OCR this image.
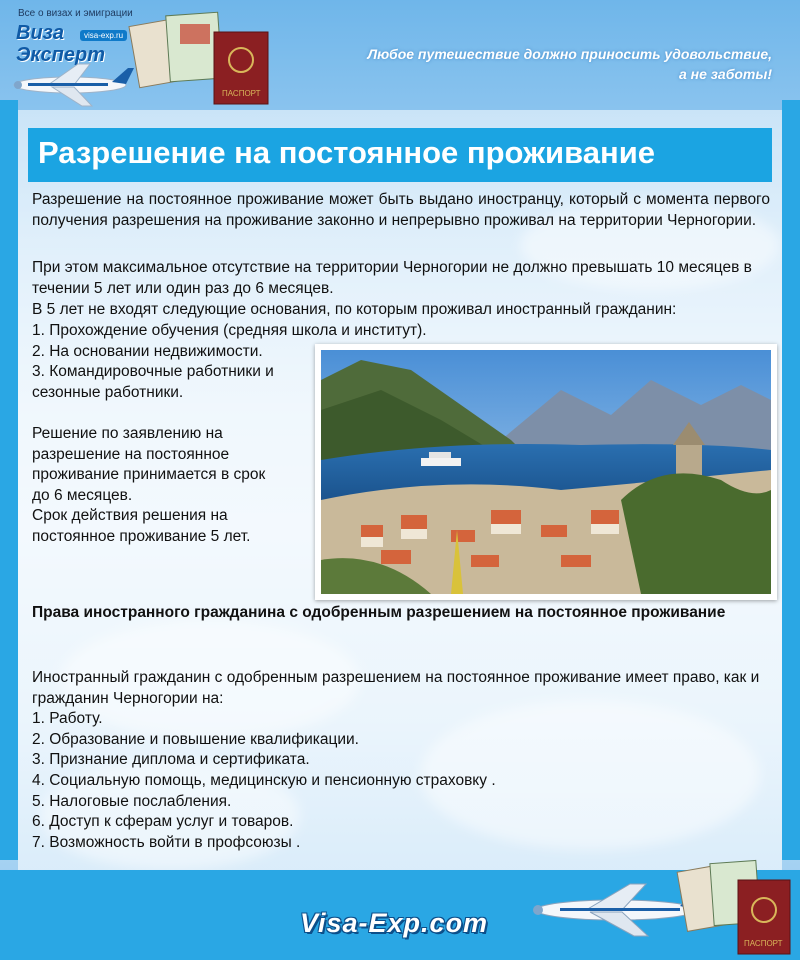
Все о визах и эмиграции
Виза
Эксперт
visa-exp.ru
ПАСПОРТ
Любое путешествие должно приносить удовольствие,
а не заботы!
Разрешение на постоянное проживание

Разрешение на постоянное проживание может быть выдано иностранцу, который с момента первого получения разрешения на проживание законно и непрерывно проживал на территории Черногории.

При этом максимальное отсутствие на территории Черногории не должно превышать 10 месяцев в течении 5 лет или один раз до 6 месяцев.

В 5 лет не входят следующие основания, по которым проживал иностранный гражданин:

1. Прохождение обучения (средняя школа и институт).
2. На основании недвижимости.
3. Командировочные работники и сезонные работники.
Решение по заявлению на разрешение на постоянное проживание принимается в срок до 6 месяцев.
Срок действия решения на постоянное проживание 5 лет.

Права иностранного гражданина с одобренным разрешением на постоянное проживание

Иностранный гражданин с одобренным разрешением на постоянное проживание имеет право, как и гражданин Черногории на:

1. Работу.
2. Образование и повышение квалификации.
3. Признание диплома и сертификата.
4. Социальную помощь, медицинскую и пенсионную страховку .
5. Налоговые послабления.
6. Доступ к сферам услуг и товаров.
7. Возможность войти в профсоюзы .
Visa-Exp.com
ПАСПОРТ
